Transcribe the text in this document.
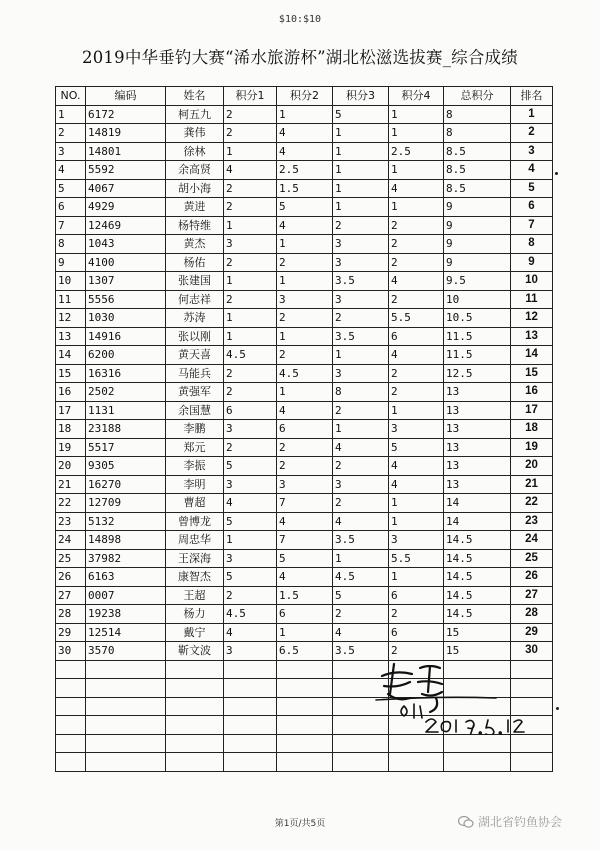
$10:$10
2019中华垂钓大赛“浠水旅游杯”湖北松滋选拔赛_综合成绩
NO.	编码	姓名	积分1	积分2	积分3	积分4	总积分	排名
1	6172	柯五九	2	1	5	1	8	1
2	14819	龚伟	2	4	1	1	8	2
3	14801	徐林	1	4	1	2.5	8.5	3
4	5592	余高贤	4	2.5	1	1	8.5	4
5	4067	胡小海	2	1.5	1	4	8.5	5
6	4929	黄进	2	5	1	1	9	6
7	12469	杨特维	1	4	2	2	9	7
8	1043	黄杰	3	1	3	2	9	8
9	4100	杨佑	2	2	3	2	9	9
10	1307	张建国	1	1	3.5	4	9.5	10
11	5556	何志祥	2	3	3	2	10	11
12	1030	苏涛	1	2	2	5.5	10.5	12
13	14916	张以刚	1	1	3.5	6	11.5	13
14	6200	黄天喜	4.5	2	1	4	11.5	14
15	16316	马能兵	2	4.5	3	2	12.5	15
16	2502	黄强军	2	1	8	2	13	16
17	1131	余国慧	6	4	2	1	13	17
18	23188	李鹏	3	6	1	3	13	18
19	5517	郑元	2	2	4	5	13	19
20	9305	李振	5	2	2	4	13	20
21	16270	李明	3	3	3	4	13	21
22	12709	曹超	4	7	2	1	14	22
23	5132	曾博龙	5	4	4	1	14	23
24	14898	周忠华	1	7	3.5	3	14.5	24
25	37982	王深海	3	5	1	5.5	14.5	25
26	6163	康智杰	5	4	4.5	1	14.5	26
27	0007	王超	2	1.5	5	6	14.5	27
28	19238	杨力	4.5	6	2	2	14.5	28
29	12514	戴宁	4	1	4	6	15	29
30	3570	靳文波	3	6.5	3.5	2	15	30

第1页/共5页	湖北省钓鱼协会
